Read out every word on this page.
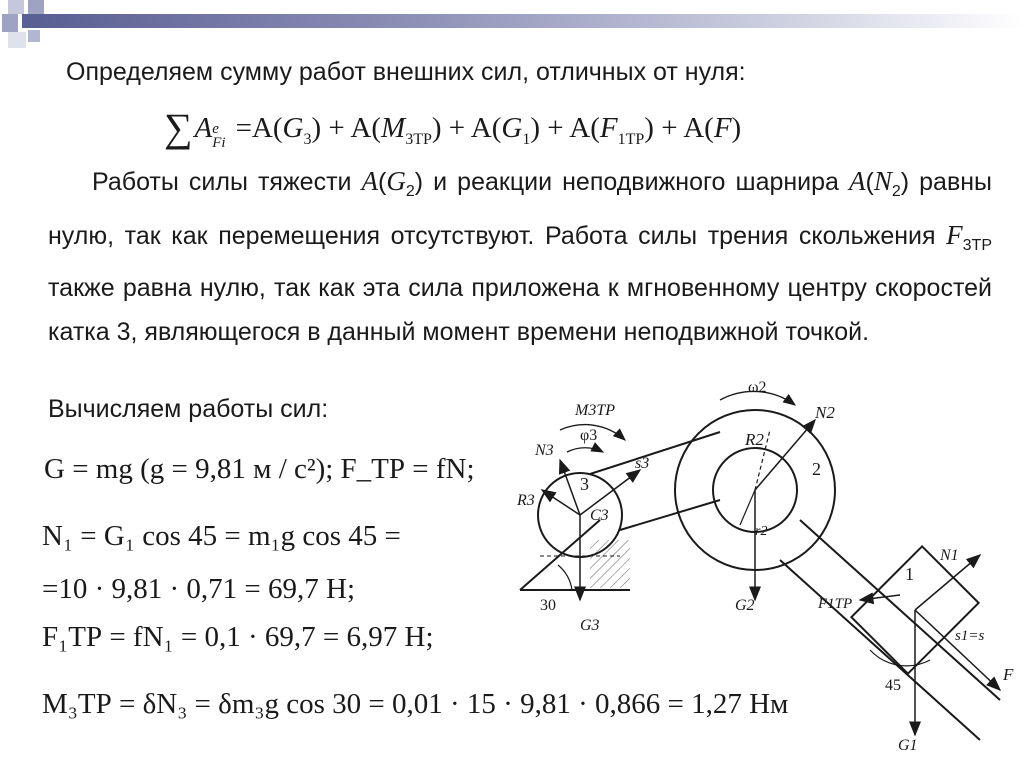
Определяем сумму работ внешних сил, отличных от нуля:
∑A e
$Fi =A(G_3) + A(M_{3ТР}) + A(G_1) + A(F_{1ТР}) + A(F)$
Работы силы тяжести $A(G_2)$ и реакции неподвижного шарнира $A(N_2)$ равны нулю, так как перемещения отсутствуют. Работа силы трения скольжения $F_{3ТР}$ также равна нулю, так как эта сила приложена к мгновенному центру скоростей катка 3, являющегося в данный момент времени неподвижной точкой.
Вычисляем работы сил:
G = mg (g = 9,81 м / c²); F_ТР = fN;
N₁ = G₁ cos 45 = m₁g cos 45 =
=10 · 9,81 · 0,71 = 69,7 H;
F₁ТР = fN₁ = 0,1 · 69,7 = 6,97 H;
M₃ТР = δN₃ = δm₃g cos 30 = 0,01 · 15 · 9,81 · 0,866 = 1,27 Нм
M3TP
φ3
ω2
N2
R2
2
N3
3
s3
R3
C3
r2
1
N1
F1TP
G2
30
G3
s1=s
45
F
G1
